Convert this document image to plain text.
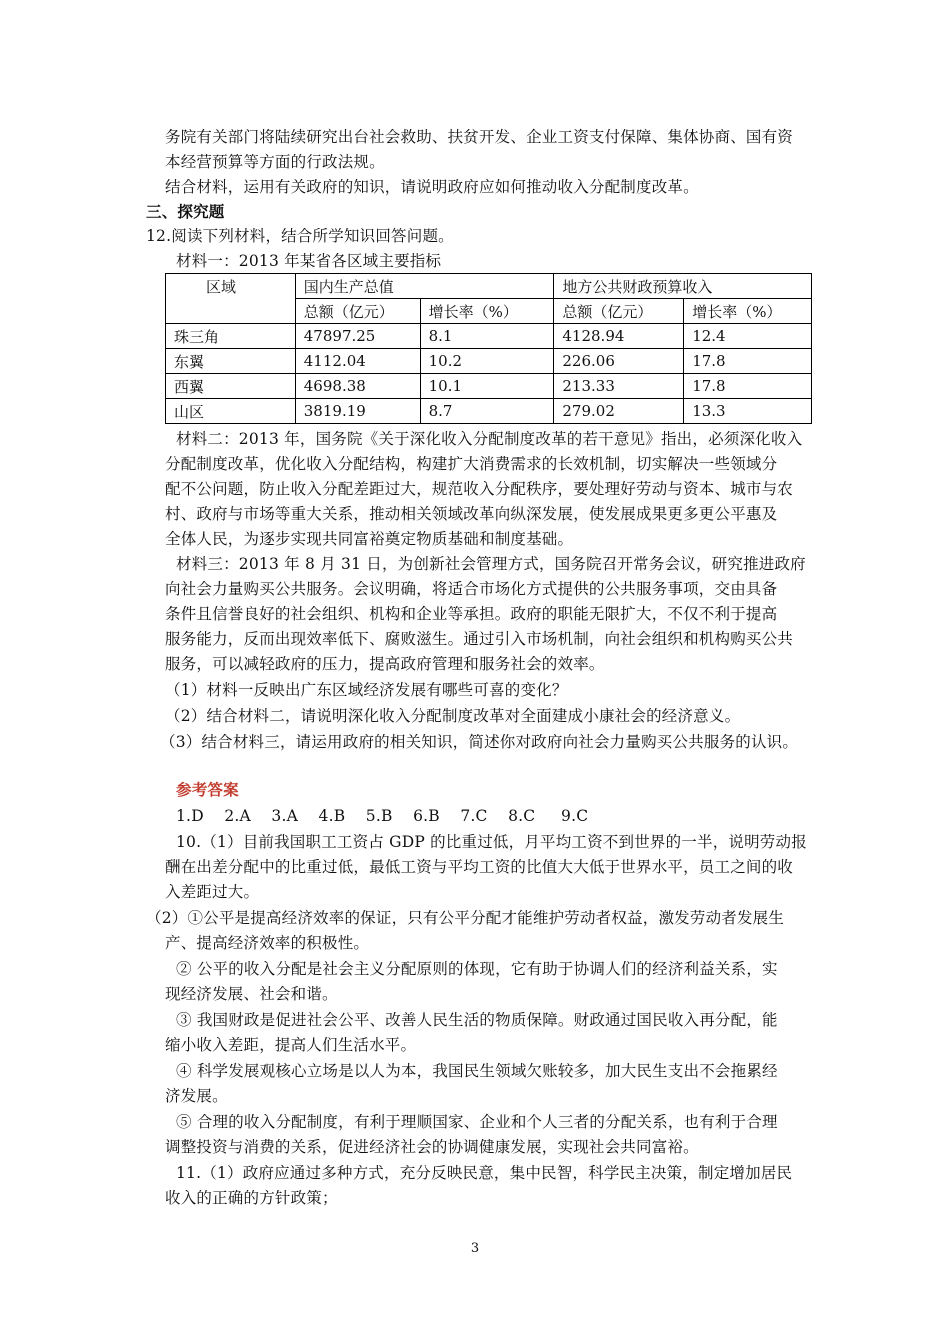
务院有关部门将陆续研究出台社会救助、扶贫开发、企业工资支付保障、集体协商、国有资
本经营预算等方面的行政法规。
结合材料，运用有关政府的知识，请说明政府应如何推动收入分配制度改革。
三、探究题
12.阅读下列材料，结合所学知识回答问题。
材料一：2013 年某省各区域主要指标
区域	国内生产总值		地方公共财政预算收入	
	总额（亿元）	增长率（%）	总额（亿元）	增长率（%）
珠三角	47897.25	8.1	4128.94	12.4
东翼	4112.04	10.2	226.06	17.8
西翼	4698.38	10.1	213.33	17.8
山区	3819.19	8.7	279.02	13.3
材料二：2013 年，国务院《关于深化收入分配制度改革的若干意见》指出，必须深化收入
分配制度改革，优化收入分配结构，构建扩大消费需求的长效机制，切实解决一些领域分
配不公问题，防止收入分配差距过大，规范收入分配秩序，要处理好劳动与资本、城市与农
村、政府与市场等重大关系，推动相关领域改革向纵深发展，使发展成果更多更公平惠及
全体人民，为逐步实现共同富裕奠定物质基础和制度基础。
材料三：2013 年 8 月 31 日，为创新社会管理方式，国务院召开常务会议，研究推进政府
向社会力量购买公共服务。会议明确，将适合市场化方式提供的公共服务事项，交由具备
条件且信誉良好的社会组织、机构和企业等承担。政府的职能无限扩大，不仅不利于提高
服务能力，反而出现效率低下、腐败滋生。通过引入市场机制，向社会组织和机构购买公共
服务，可以减轻政府的压力，提高政府管理和服务社会的效率。
（1）材料一反映出广东区域经济发展有哪些可喜的变化？
（2）结合材料二，请说明深化收入分配制度改革对全面建成小康社会的经济意义。
（3）结合材料三，请运用政府的相关知识，简述你对政府向社会力量购买公共服务的认识。
参考答案
1.D    2.A    3.A    4.B    5.B    6.B    7.C    8.C     9.C
10.（1）目前我国职工工资占 GDP 的比重过低，月平均工资不到世界的一半，说明劳动报
酬在出差分配中的比重过低，最低工资与平均工资的比值大大低于世界水平，员工之间的收
入差距过大。
（2）①公平是提高经济效率的保证，只有公平分配才能维护劳动者权益，激发劳动者发展生
产、提高经济效率的积极性。
② 公平的收入分配是社会主义分配原则的体现，它有助于协调人们的经济利益关系，实
现经济发展、社会和谐。
③ 我国财政是促进社会公平、改善人民生活的物质保障。财政通过国民收入再分配，能
缩小收入差距，提高人们生活水平。
④ 科学发展观核心立场是以人为本，我国民生领域欠账较多，加大民生支出不会拖累经
济发展。
⑤ 合理的收入分配制度，有利于理顺国家、企业和个人三者的分配关系，也有利于合理
调整投资与消费的关系，促进经济社会的协调健康发展，实现社会共同富裕。
11.（1）政府应通过多种方式，充分反映民意，集中民智，科学民主决策，制定增加居民
收入的正确的方针政策；
3
